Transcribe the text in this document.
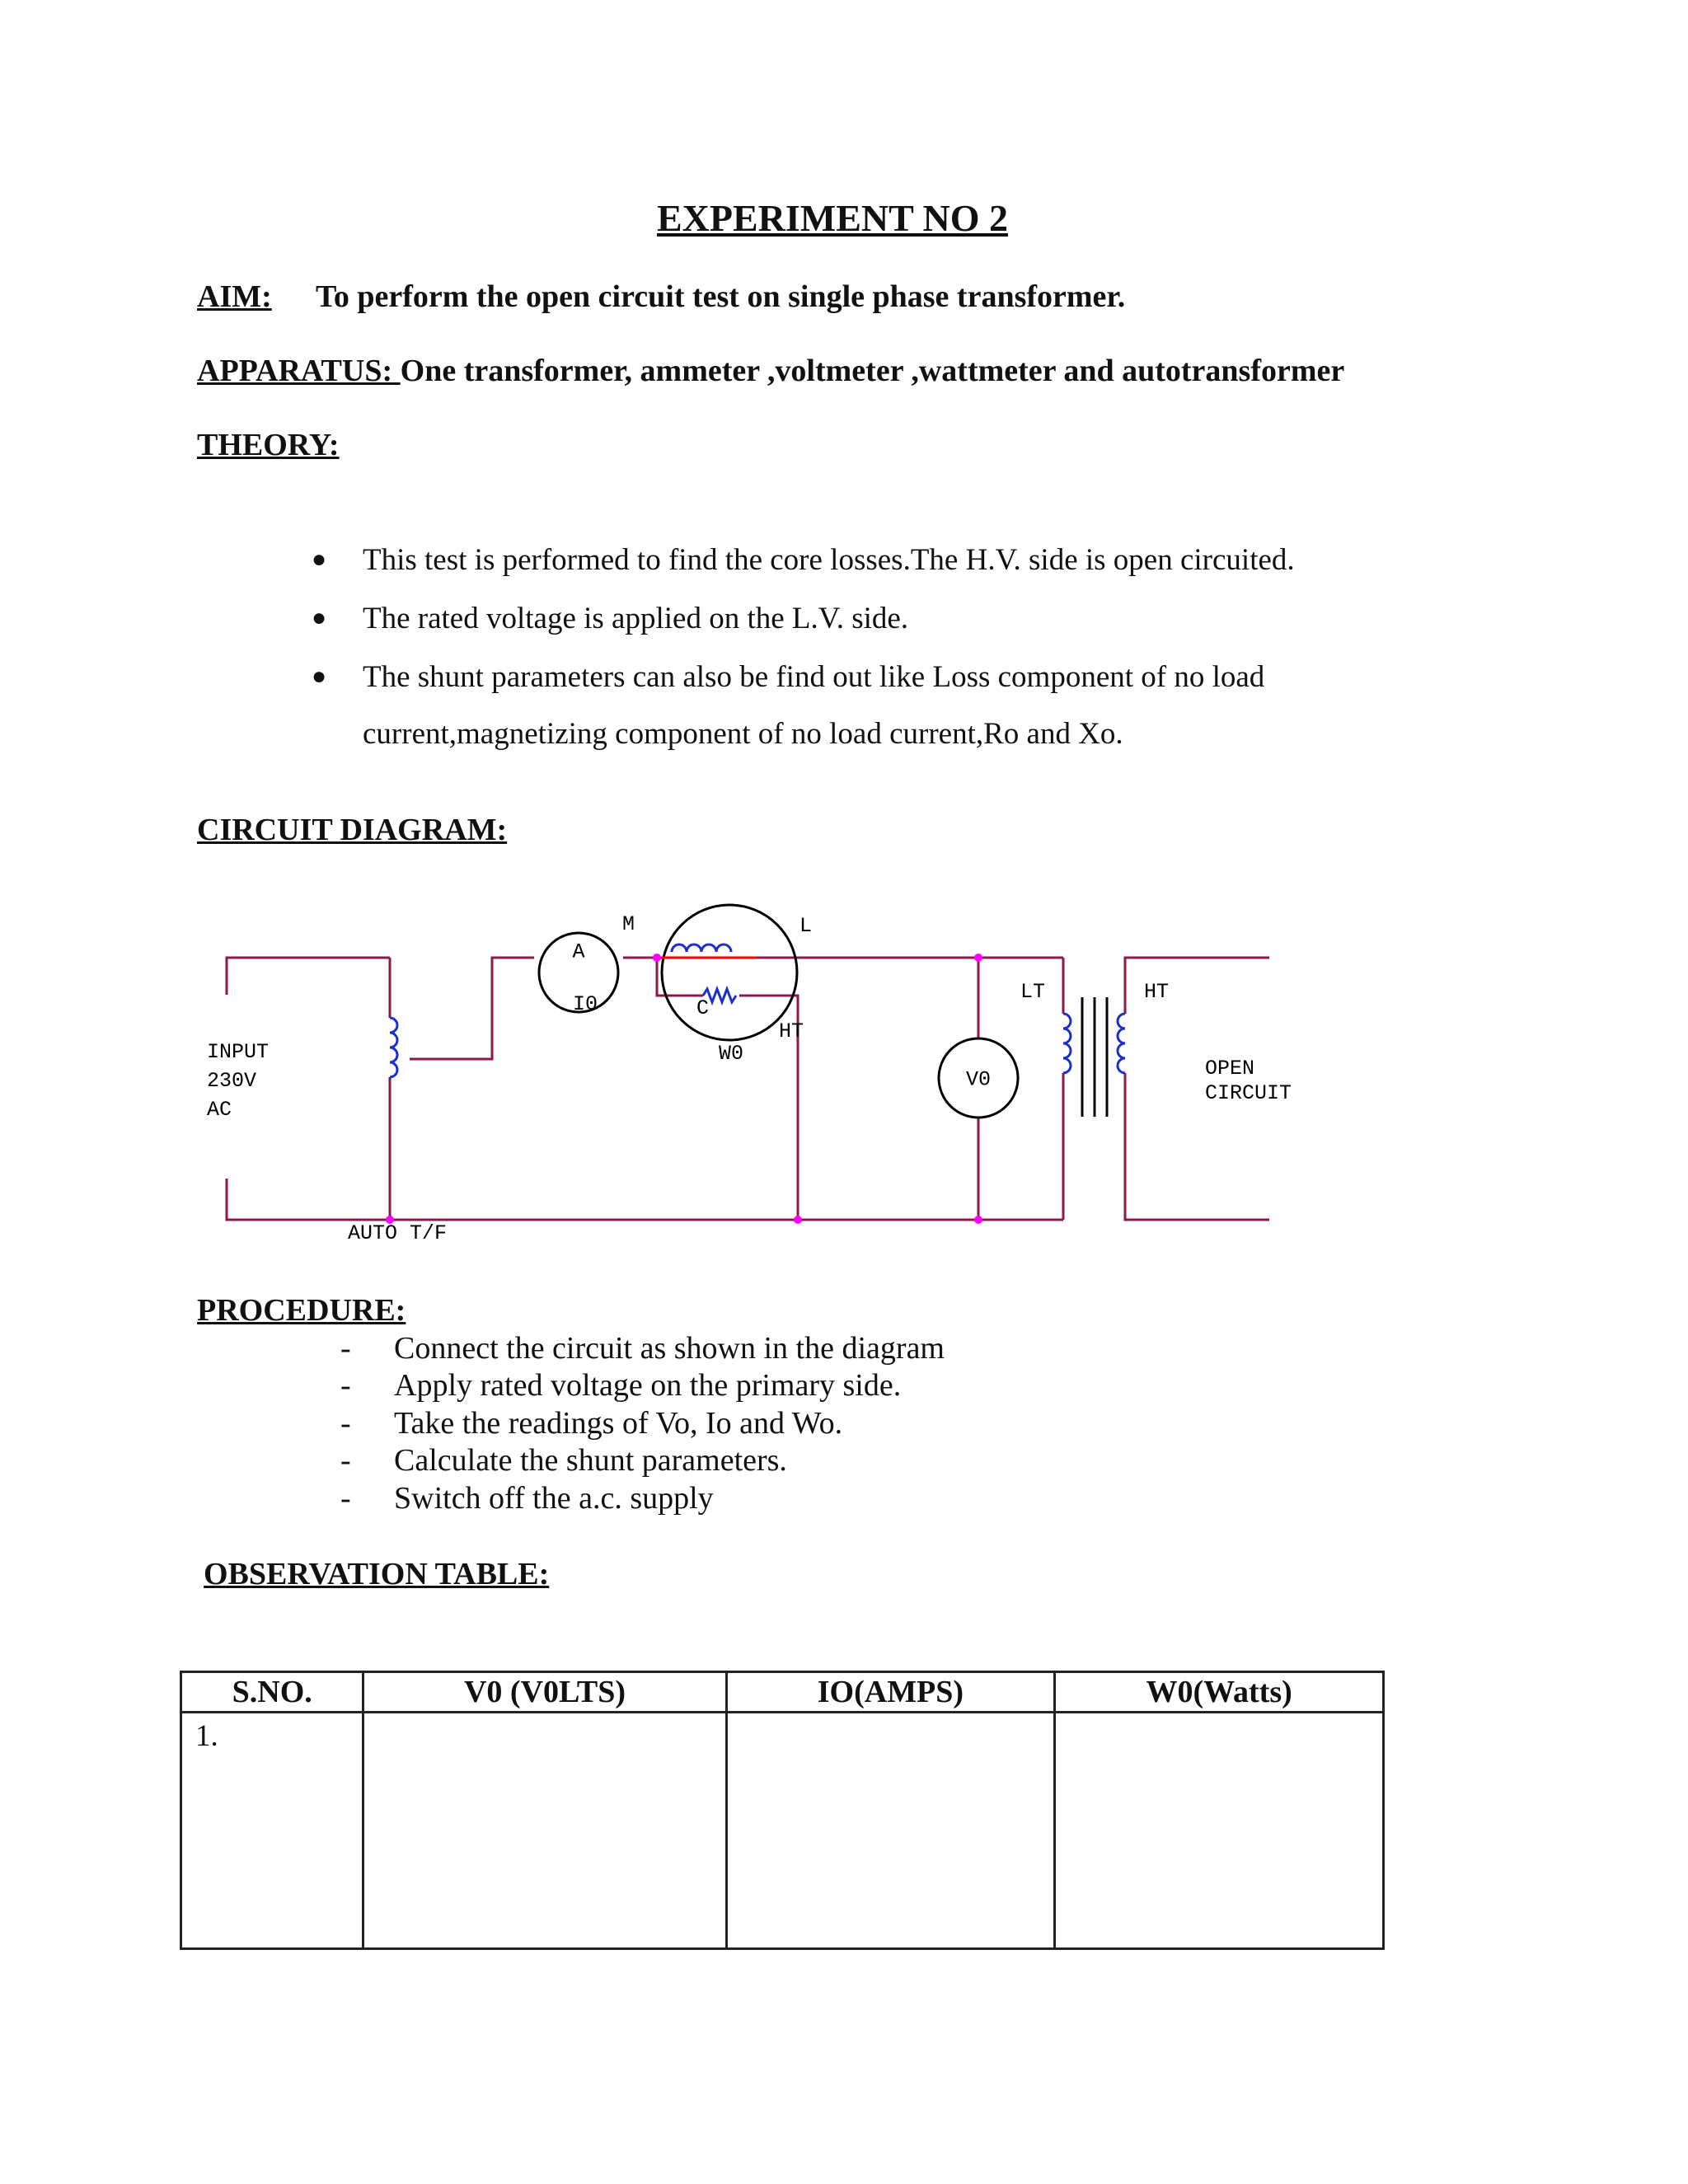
EXPERIMENT NO 2
AIM: To perform the open circuit test on single phase transformer.
APPARATUS: One transformer, ammeter ,voltmeter ,wattmeter and autotransformer
THEORY:
● This test is performed to find the core losses.The H.V. side is open circuited.
● The rated voltage is applied on the L.V. side.
● The shunt parameters can also be find out like Loss component of no load
current,magnetizing component of no load current,Ro and Xo.
CIRCUIT DIAGRAM:
A
I0
M	L
C
HT
W0
V0
LT	HT
INPUT
230V
AC
AUTO T/F
OPEN
CIRCUIT
PROCEDURE:
- Connect the circuit as shown in the diagram
- Apply rated voltage on the primary side.
- Take the readings of Vo, Io and Wo.
- Calculate the shunt parameters.
- Switch off the a.c. supply
OBSERVATION TABLE:
S.NO.	V0 (V0LTS)	IO(AMPS)	W0(Watts)
1.			
